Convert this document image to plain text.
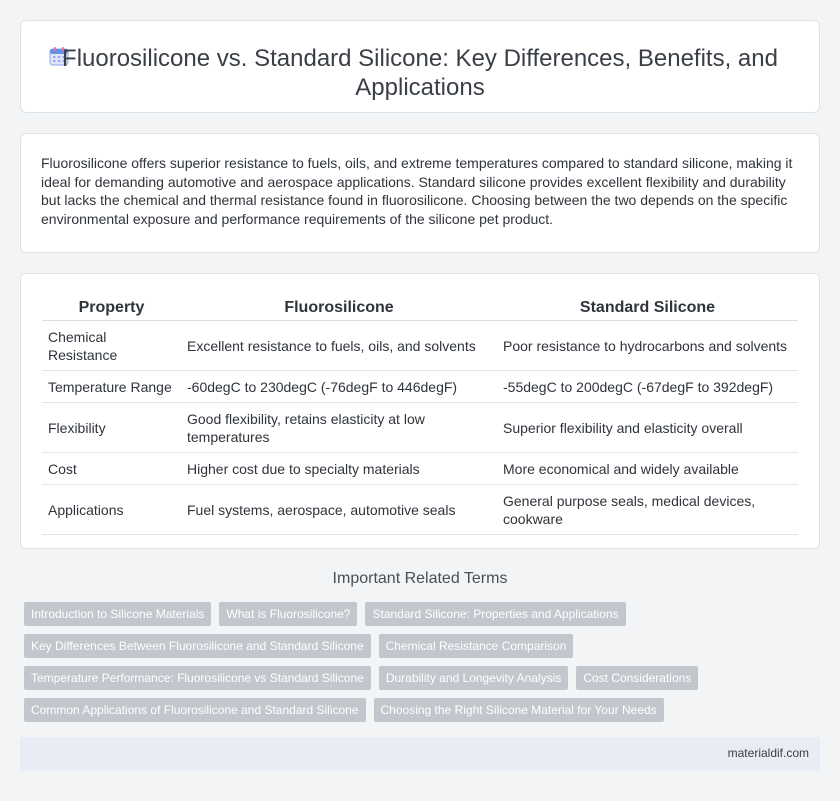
Fluorosilicone vs. Standard Silicone: Key Differences, Benefits, and Applications

Fluorosilicone offers superior resistance to fuels, oils, and extreme temperatures compared to standard silicone, making it ideal for demanding automotive and aerospace applications. Standard silicone provides excellent flexibility and durability but lacks the chemical and thermal resistance found in fluorosilicone. Choosing between the two depends on the specific environmental exposure and performance requirements of the silicone pet product.

Property	Fluorosilicone	Standard Silicone
Chemical Resistance	Excellent resistance to fuels, oils, and solvents	Poor resistance to hydrocarbons and solvents
Temperature Range	-60degC to 230degC (-76degF to 446degF)	-55degC to 200degC (-67degF to 392degF)
Flexibility	Good flexibility, retains elasticity at low temperatures	Superior flexibility and elasticity overall
Cost	Higher cost due to specialty materials	More economical and widely available
Applications	Fuel systems, aerospace, automotive seals	General purpose seals, medical devices, cookware
Important Related Terms
Introduction to Silicone Materials	What is Fluorosilicone?	Standard Silicone: Properties and Applications
Key Differences Between Fluorosilicone and Standard Silicone	Chemical Resistance Comparison
Temperature Performance: Fluorosilicone vs Standard Silicone	Durability and Longevity Analysis	Cost Considerations
Common Applications of Fluorosilicone and Standard Silicone	Choosing the Right Silicone Material for Your Needs
materialdif.com
